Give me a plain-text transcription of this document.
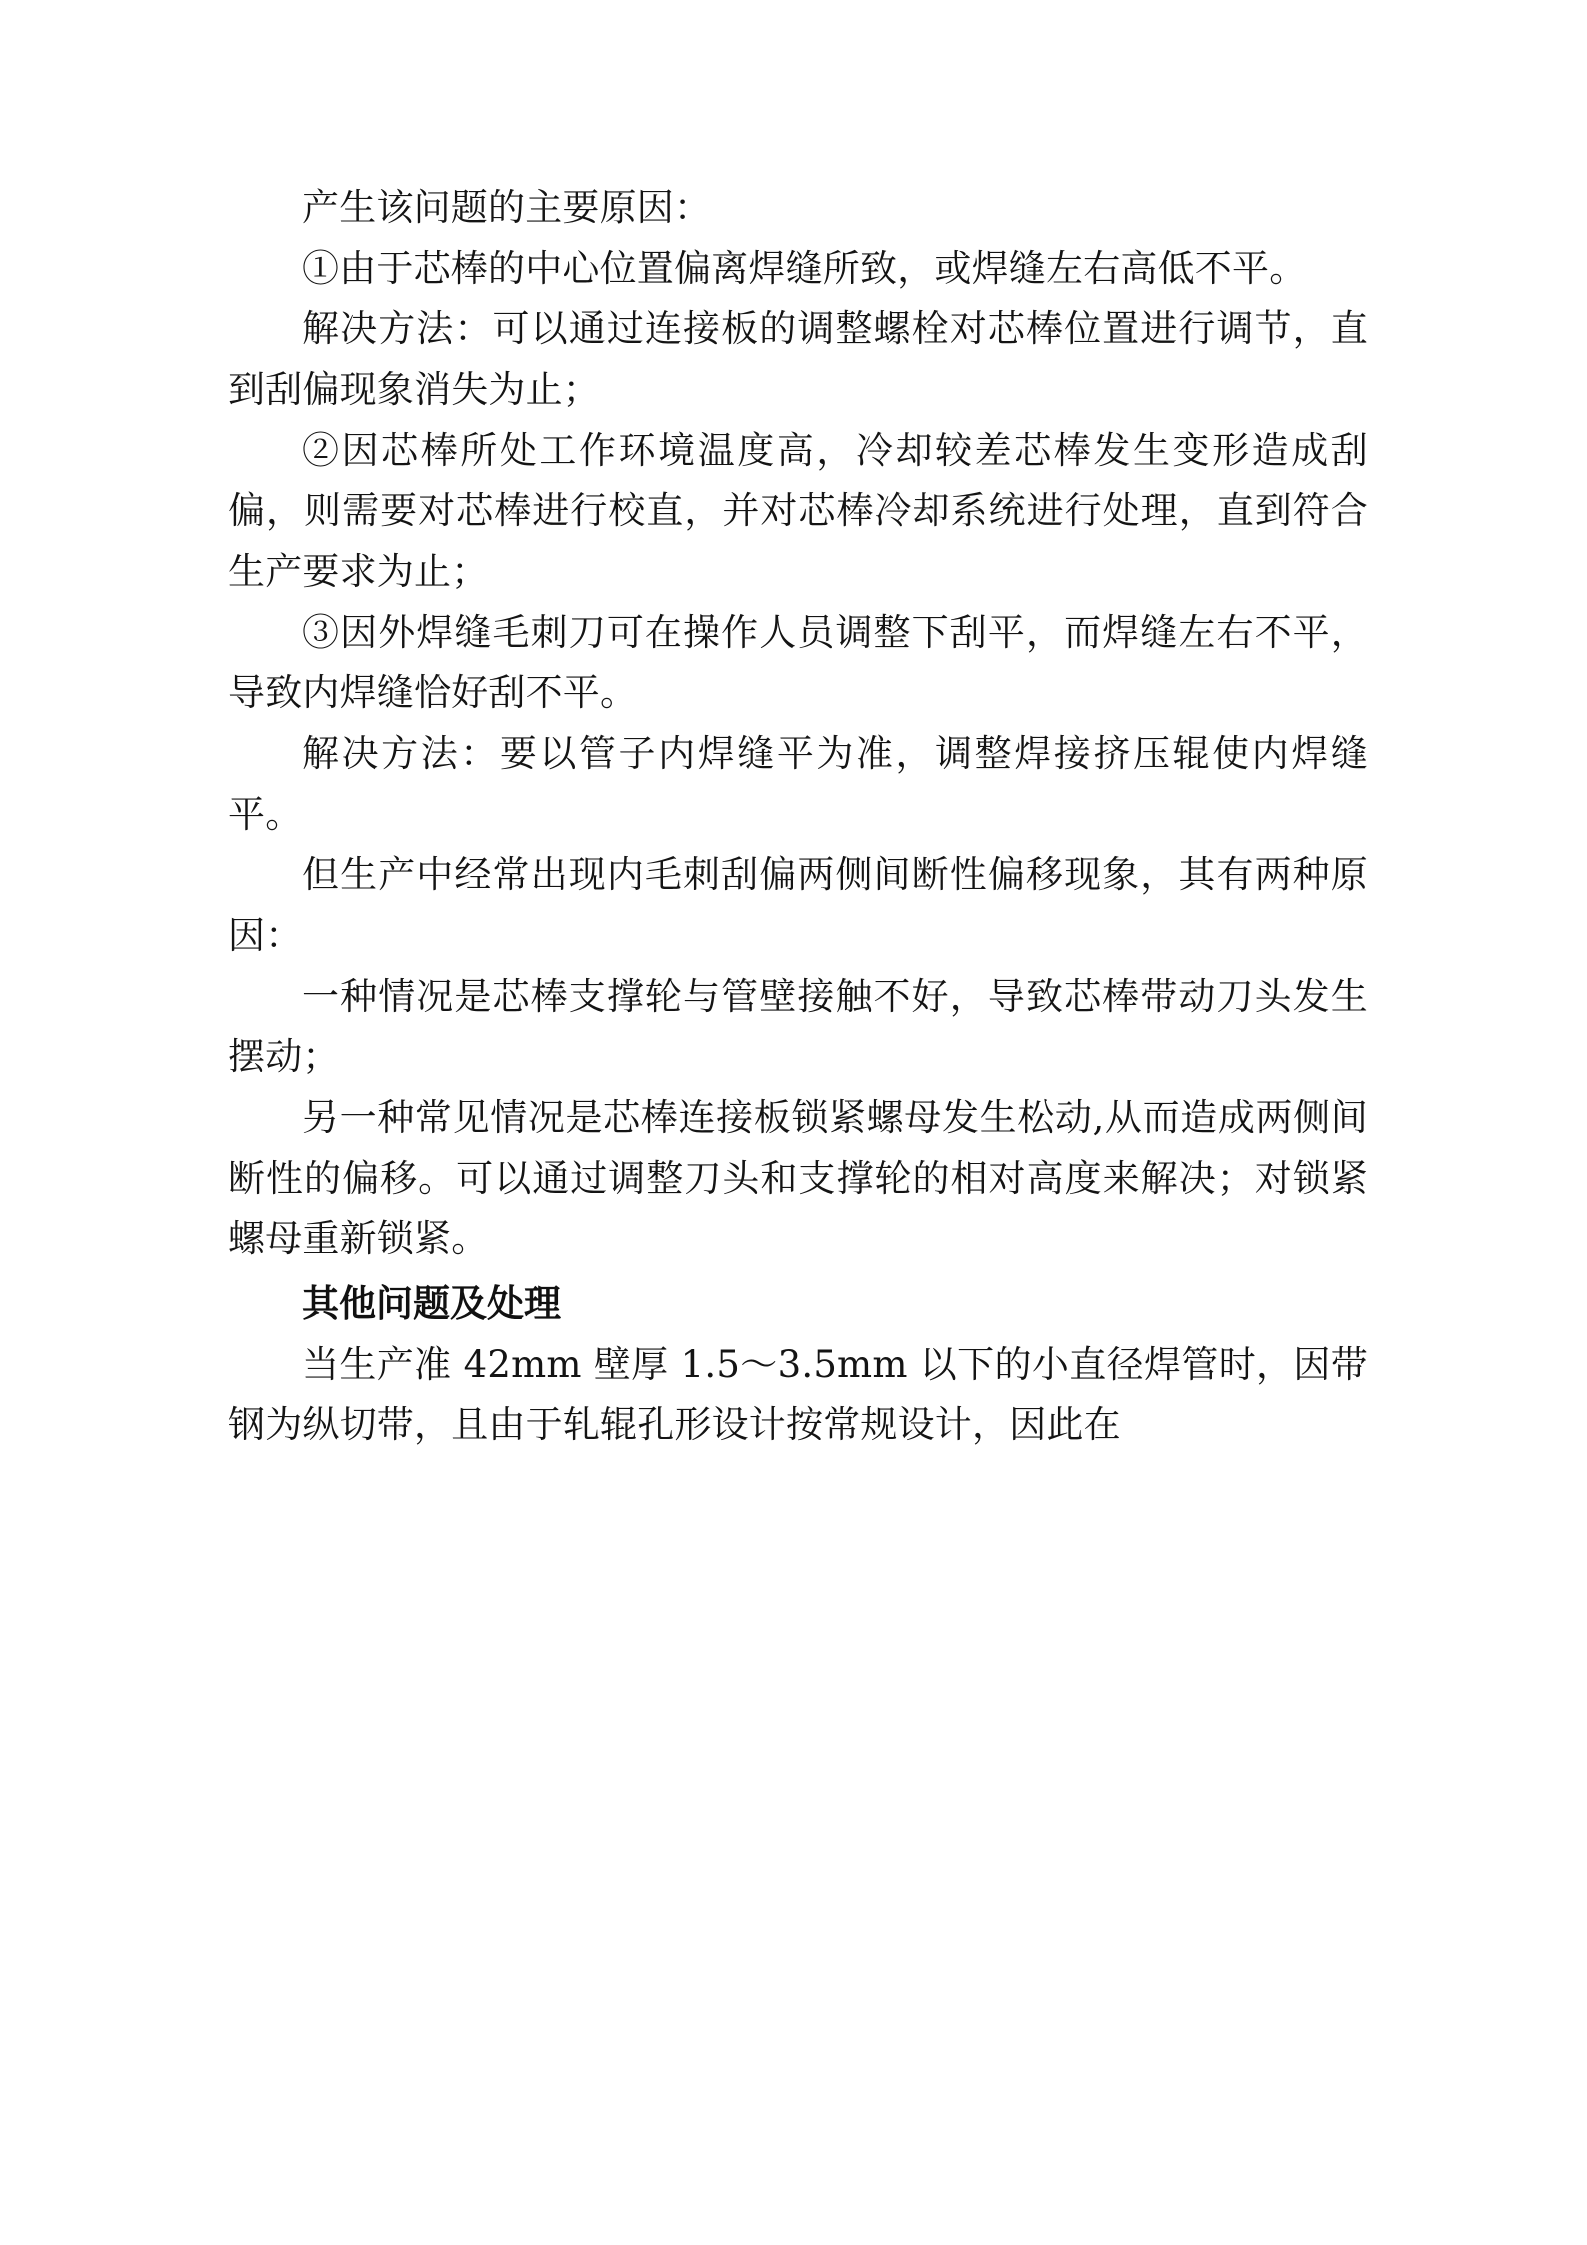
产生该问题的主要原因：

①由于芯棒的中心位置偏离焊缝所致，或焊缝左右高低不平。

解决方法：可以通过连接板的调整螺栓对芯棒位置进行调节，直到刮偏现象消失为止；

②因芯棒所处工作环境温度高，冷却较差芯棒发生变形造成刮偏，则需要对芯棒进行校直，并对芯棒冷却系统进行处理，直到符合生产要求为止；

③因外焊缝毛刺刀可在操作人员调整下刮平，而焊缝左右不平，导致内焊缝恰好刮不平。

解决方法：要以管子内焊缝平为准，调整焊接挤压辊使内焊缝平。

但生产中经常出现内毛刺刮偏两侧间断性偏移现象，其有两种原因：

一种情况是芯棒支撑轮与管壁接触不好，导致芯棒带动刀头发生摆动；

另一种常见情况是芯棒连接板锁紧螺母发生松动,从而造成两侧间断性的偏移。可以通过调整刀头和支撑轮的相对高度来解决；对锁紧螺母重新锁紧。

其他问题及处理

当生产准 42mm 壁厚 1.5～3.5mm 以下的小直径焊管时，因带钢为纵切带，且由于轧辊孔形设计按常规设计，因此在
